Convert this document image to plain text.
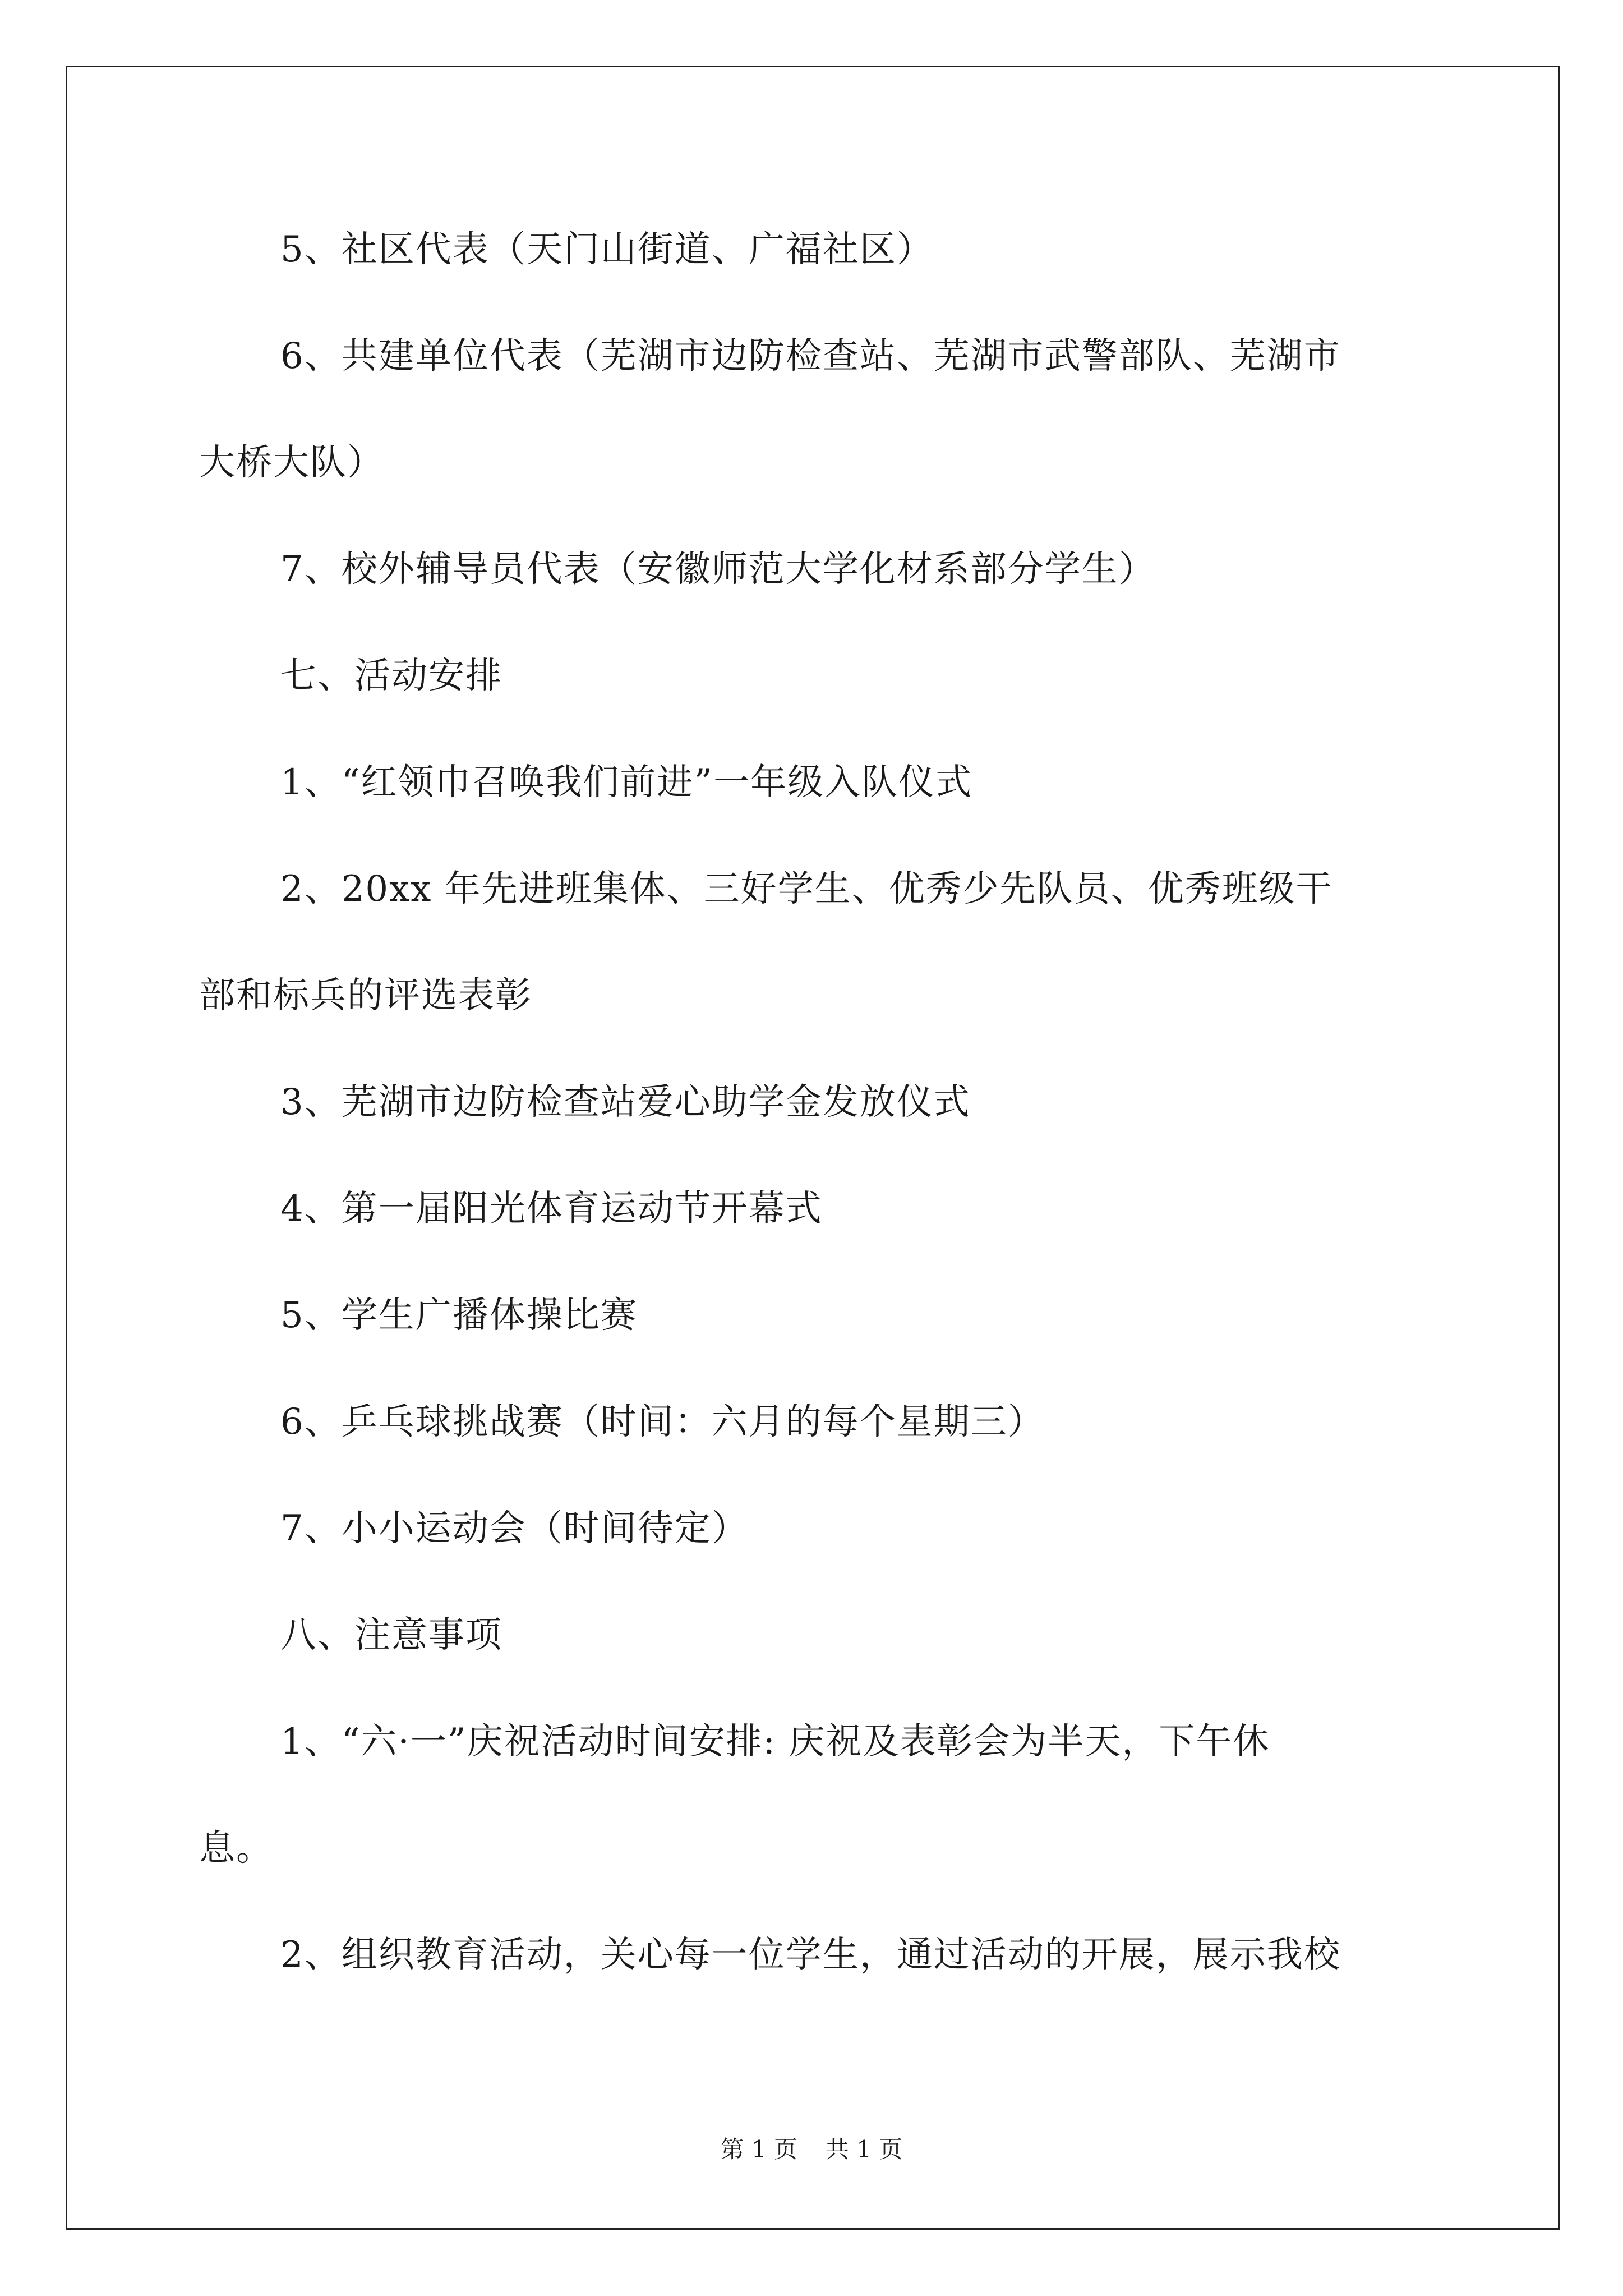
5、社区代表（天门山街道、广福社区）
6、共建单位代表（芜湖市边防检查站、芜湖市武警部队、芜湖市
大桥大队）
7、校外辅导员代表（安徽师范大学化材系部分学生）
七、活动安排
1、“红领巾召唤我们前进”一年级入队仪式
2、20xx 年先进班集体、三好学生、优秀少先队员、优秀班级干
部和标兵的评选表彰
3、芜湖市边防检查站爱心助学金发放仪式
4、第一届阳光体育运动节开幕式
5、学生广播体操比赛
6、乒乓球挑战赛（时间：六月的每个星期三）
7、小小运动会（时间待定）
八、注意事项
1、“六·一”庆祝活动时间安排: 庆祝及表彰会为半天，下午休
息。
2、组织教育活动，关心每一位学生，通过活动的开展，展示我校
第 1 页 共 1 页
